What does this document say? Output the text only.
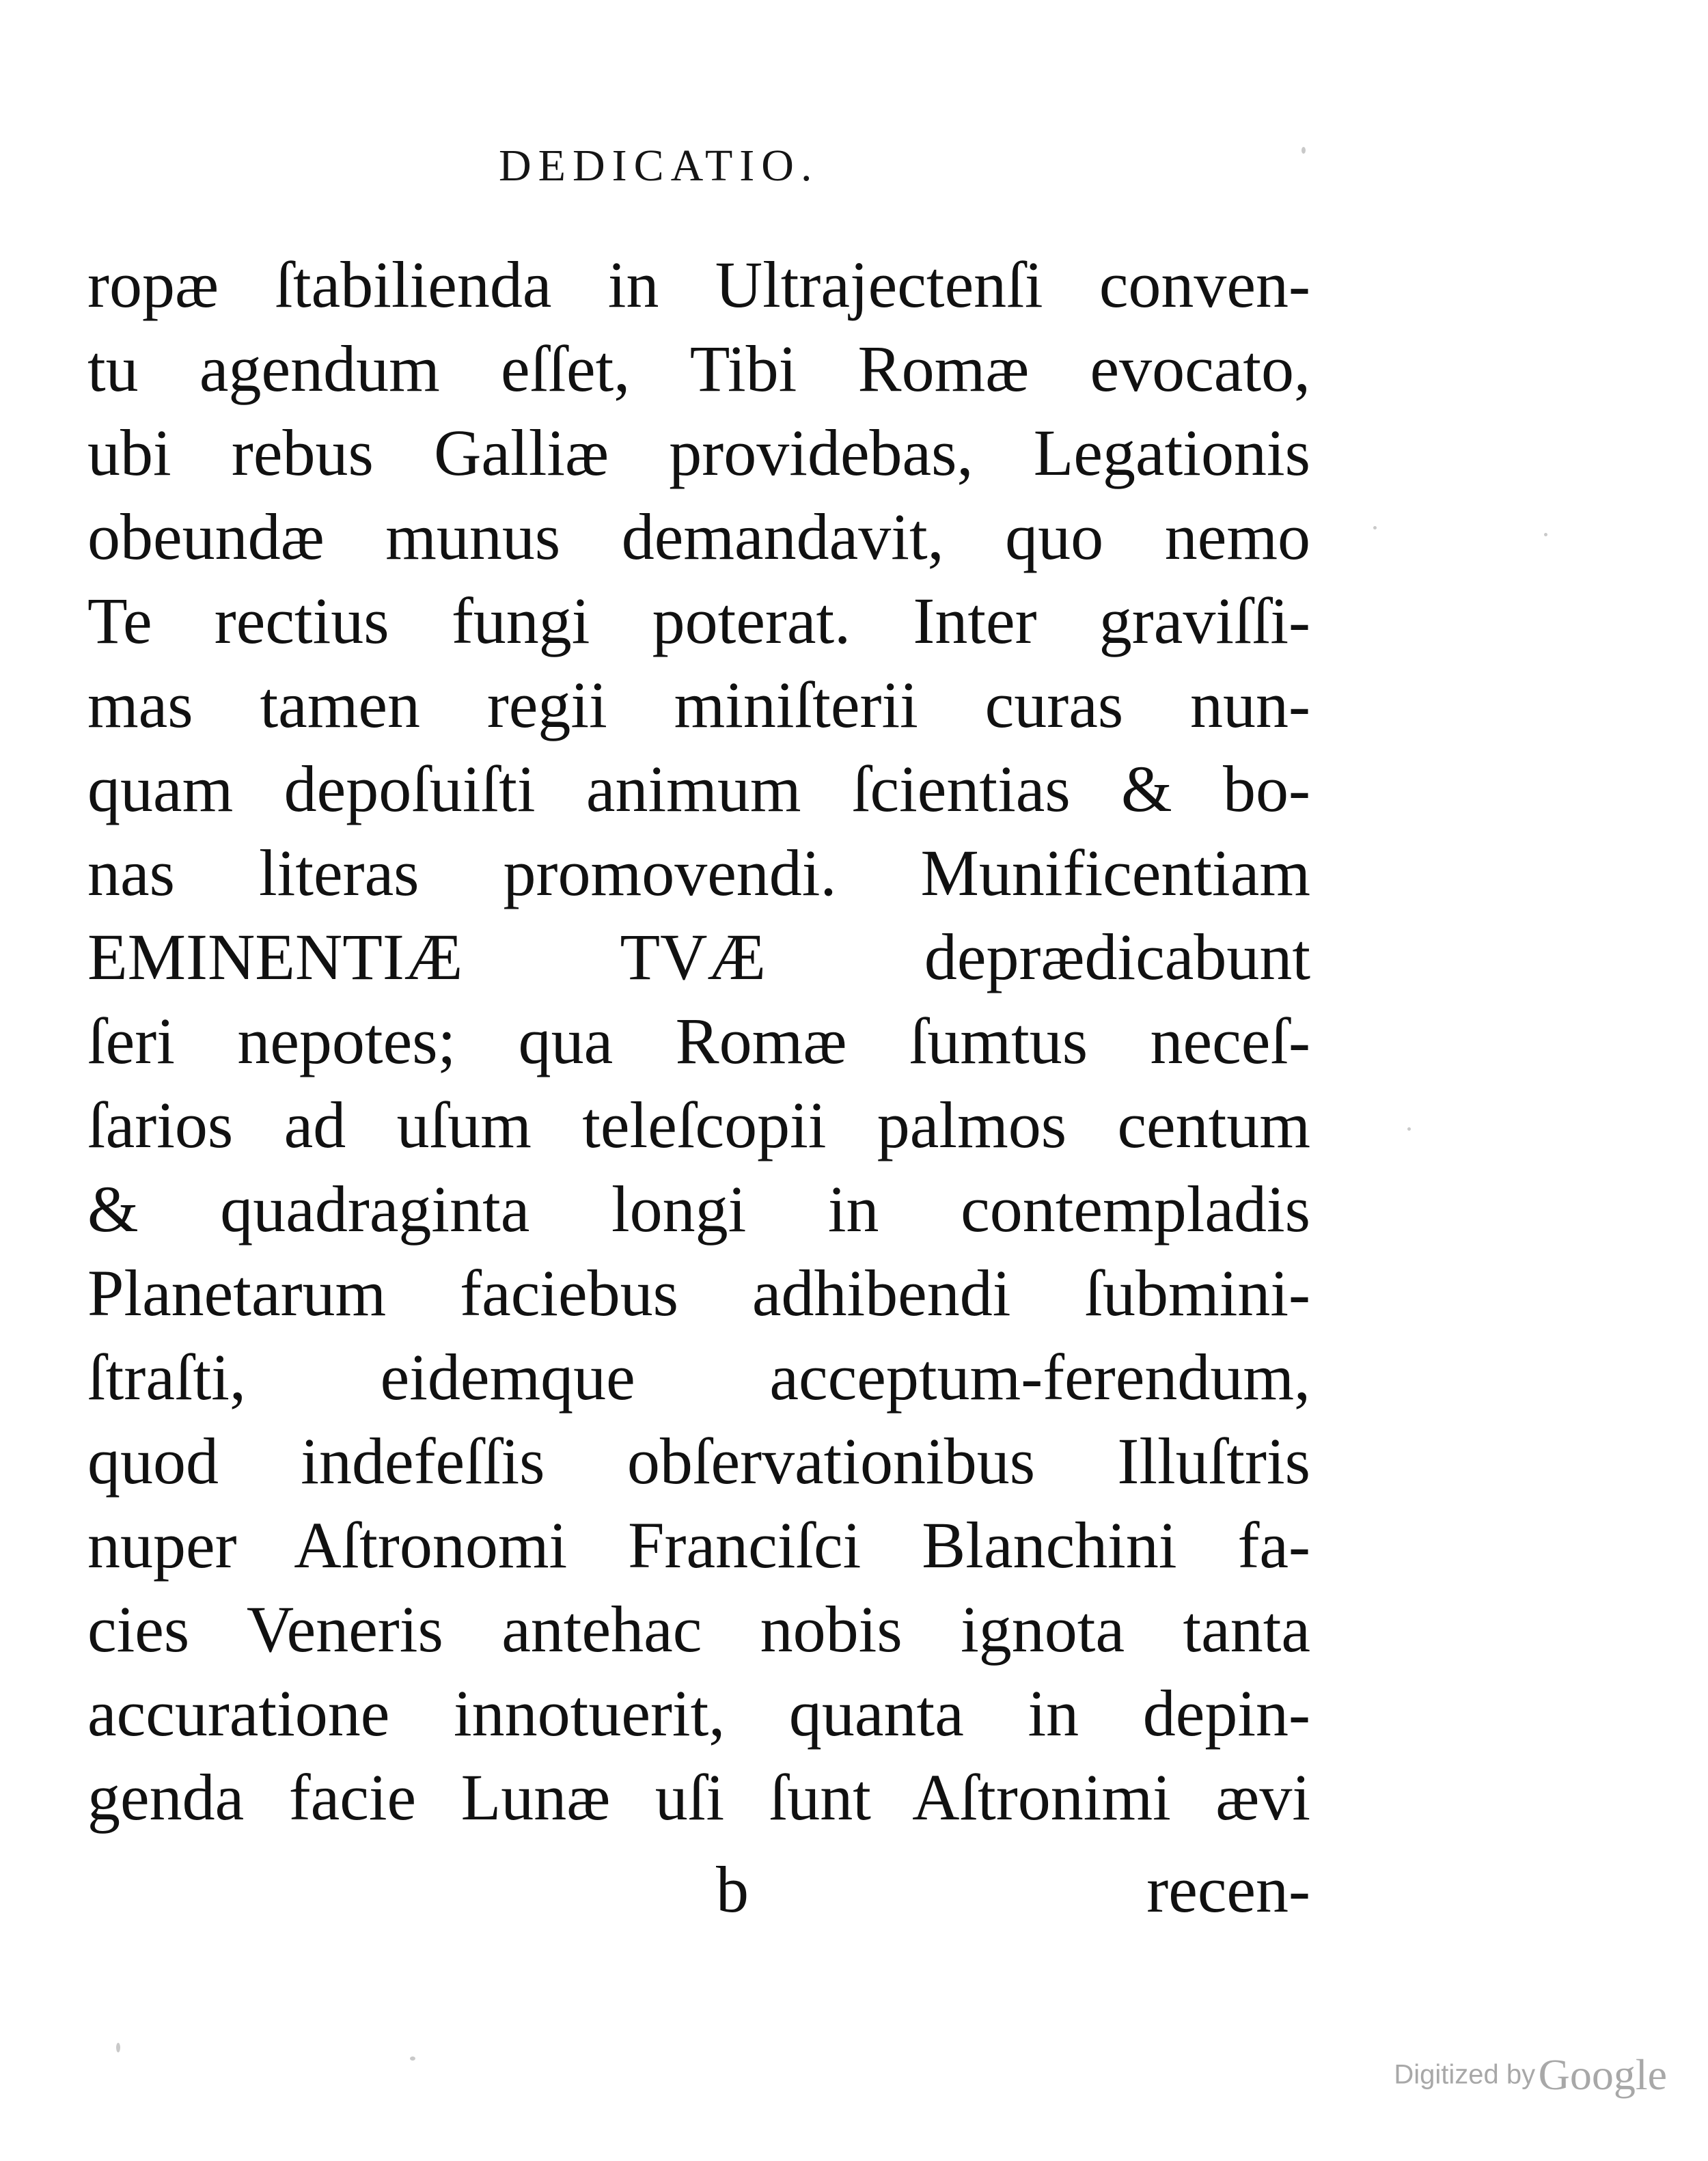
DEDICATIO.
ropæ ſtabilienda in Ultrajectenſi conven-
tu agendum eſſet, Tibi Romæ evocato,
ubi rebus Galliæ providebas, Legationis
obeundæ munus demandavit, quo nemo
Te rectius fungi poterat. Inter graviſſi-
mas tamen regii miniſterii curas nun-
quam depoſuiſti animum ſcientias & bo-
nas literas promovendi. Munificentiam
EMINENTIÆ TVÆ deprædicabunt
ſeri nepotes; qua Romæ ſumtus neceſ-
ſarios ad uſum teleſcopii palmos centum
& quadraginta longi in contempladis
Planetarum faciebus adhibendi ſubmini-
ſtraſti, eidemque acceptum-ferendum,
quod indefeſſis obſervationibus Illuſtris
nuper Aſtronomi Franciſci Blanchini fa-
cies Veneris antehac nobis ignota tanta
accuratione innotuerit, quanta in depin-
genda facie Lunæ uſi ſunt Aſtronimi ævi
b	recen-
Digitized by Google
